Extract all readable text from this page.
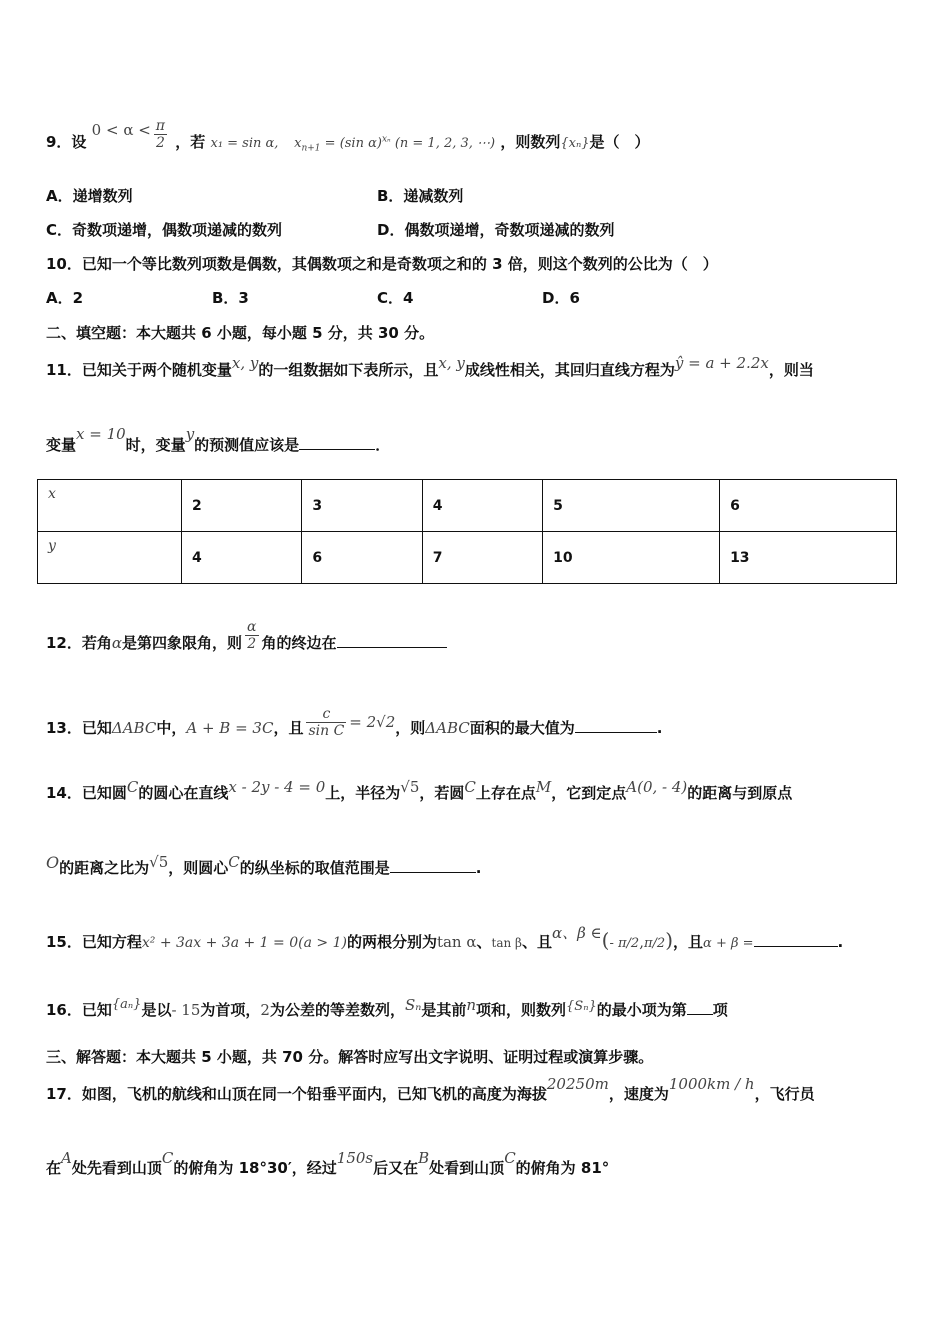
9．设 $0 < \alpha < \frac{\pi}{2}$ ，若 x₁ = sin α, $x_{n+1} = (\sin$ α)$^{x_n}$ (n = 1, 2, 3, ⋯) ，则数列{xₙ}是（　）
A．递增数列	B．递减数列
C．奇数项递增，偶数项递减的数列	D．偶数项递增，奇数项递减的数列
10．已知一个等比数列项数是偶数，其偶数项之和是奇数项之和的 3 倍，则这个数列的公比为（　）
A．2	B．3	C．4	D．6
二、填空题：本大题共 6 小题，每小题 5 分，共 30 分。
11．已知关于两个随机变量x, y的一组数据如下表所示，且x, y成线性相关，其回归直线方程为ŷ = a + 2.2x，则当
变量x = 10时，变量y的预测值应该是	．
x	2	3	4	5	6
y	4	6	7	10	13
12．若角α是第四象限角，则 $\frac{\alpha}{2}$ 角的终边在
13．已知ΔABC中，A + B = 3C，且 $\frac{c}{\text{sin C}} = 2√2$，则ΔABC面积的最大值为	.
14．已知圆C的圆心在直线x - 2y - 4 = 0上，半径为√5，若圆C上存在点M，它到定点A(0, - 4)的距离与到原点
O的距离之比为√5，则圆心C的纵坐标的取值范围是	.
15．已知方程x² + 3ax + 3a + 1 = 0(a > 1)的两根分别为tan α、tan β、且α、β ∈(- π/2,π/2)，且α + β =	.
16．已知{aₙ}是以- 15为首项，2为公差的等差数列，Sₙ是其前n项和，则数列{Sₙ}的最小项为第 项
三、解答题：本大题共 5 小题，共 70 分。解答时应写出文字说明、证明过程或演算步骤。
17．如图，飞机的航线和山顶在同一个铅垂平面内，已知飞机的高度为海拔20250m，速度为1000km / h，飞行员
在A处先看到山顶C的俯角为 18°30′，经过150s后又在B处看到山顶C的俯角为 81°
